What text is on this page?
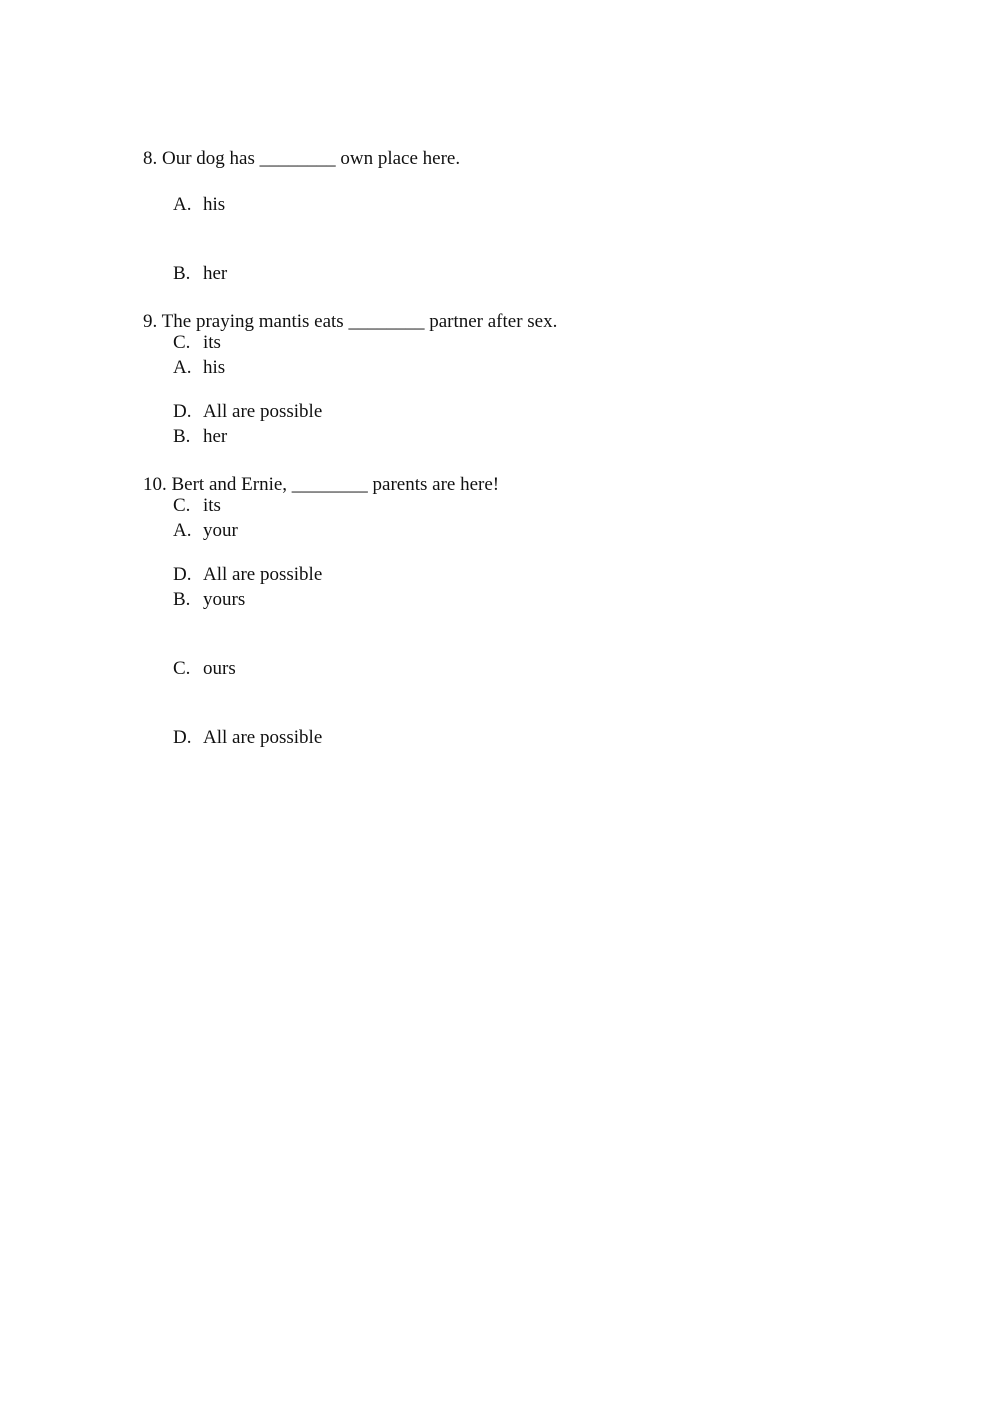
8. Our dog has ________ own place here.

A. his

B. her

C. its

D. All are possible

9. The praying mantis eats ________ partner after sex.

A. his

B. her

C. its

D. All are possible

10. Bert and Ernie, ________ parents are here!

A. your

B. yours

C. ours

D. All are possible
